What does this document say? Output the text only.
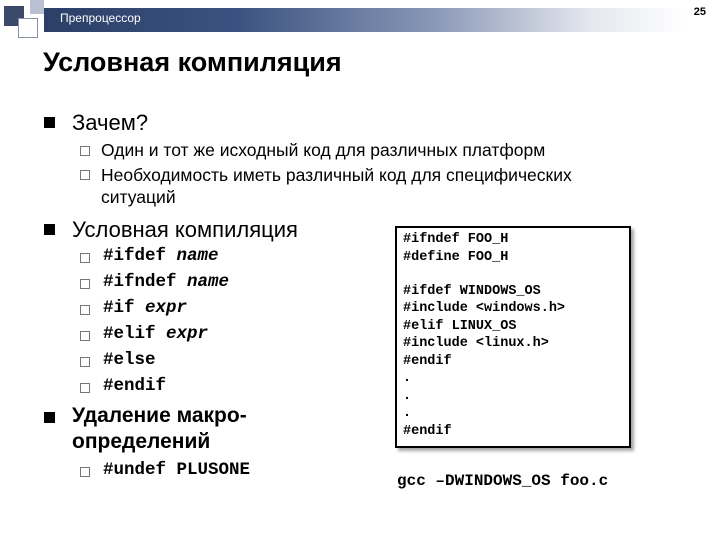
Препроцессор	25
Условная компиляция
Зачем?
Один и тот же исходный код для различных платформ
Необходимость иметь различный код для специфических
ситуаций
Условная компиляция
#ifdef name
#ifndef name
#if expr
#elif expr
#else
#endif
Удаление макро-
определений
#undef PLUSONE
#ifndef FOO_H
#define FOO_H
#ifdef WINDOWS_OS
#include <windows.h>
#elif LINUX_OS
#include <linux.h>
#endif
.
.
.
#endif
gcc –DWINDOWS_OS foo.c
